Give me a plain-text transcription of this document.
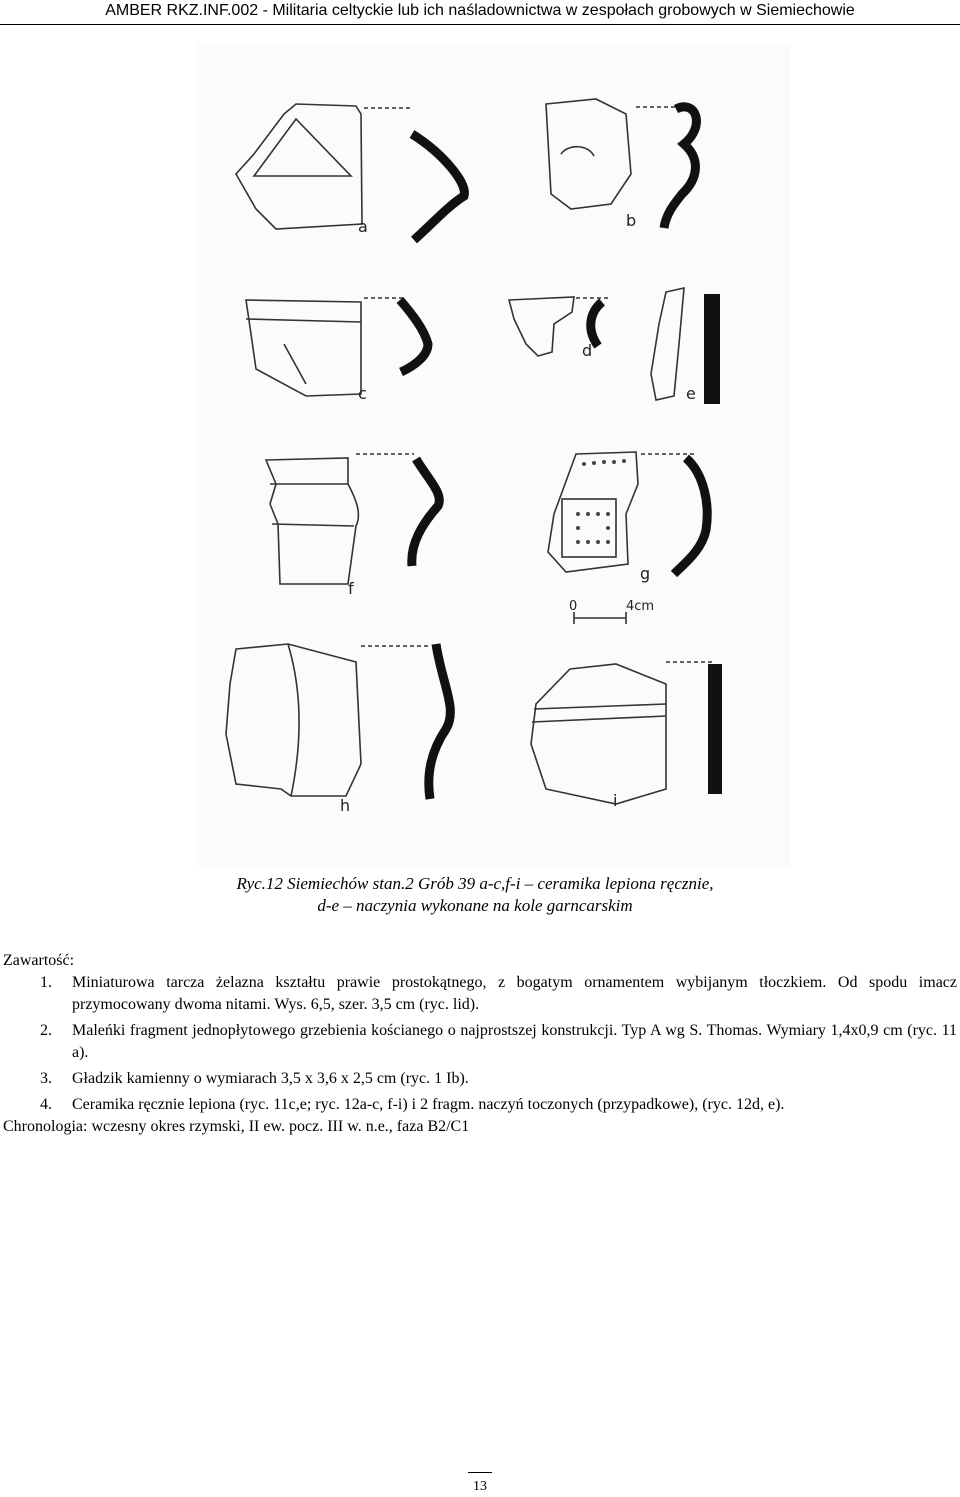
AMBER RKZ.INF.002 - Militaria celtyckie lub ich naśladownictwa w zespołach grobowych w Siemiechowie
a	b
c
d
e
f
g
h	i
0	4cm
Ryc.12 Siemiechów stan.2 Grób 39 a-c,f-i – ceramika lepiona ręcznie,
d-e – naczynia wykonane na kole garncarskim

Zawartość:

1.	Miniaturowa tarcza żelazna kształtu prawie prostokątnego, z bogatym ornamentem wybijanym tłoczkiem. Od spodu imacz przymocowany dwoma nitami. Wys. 6,5, szer. 3,5 cm (ryc. lid).
2.	Maleńki fragment jednopłytowego grzebienia kościanego o najprostszej konstrukcji. Typ A wg S. Thomas. Wymiary 1,4x0,9 cm (ryc. 11 a).
3.	Gładzik kamienny o wymiarach 3,5 x 3,6 x 2,5 cm (ryc. 1 Ib).
4.	Ceramika ręcznie lepiona (ryc. 11c,e; ryc. 12a-c, f-i) i 2 fragm. naczyń toczonych (przypadkowe), (ryc. 12d, e).

Chronologia: wczesny okres rzymski, II ew. pocz. III w. n.e., faza B2/C1

13
